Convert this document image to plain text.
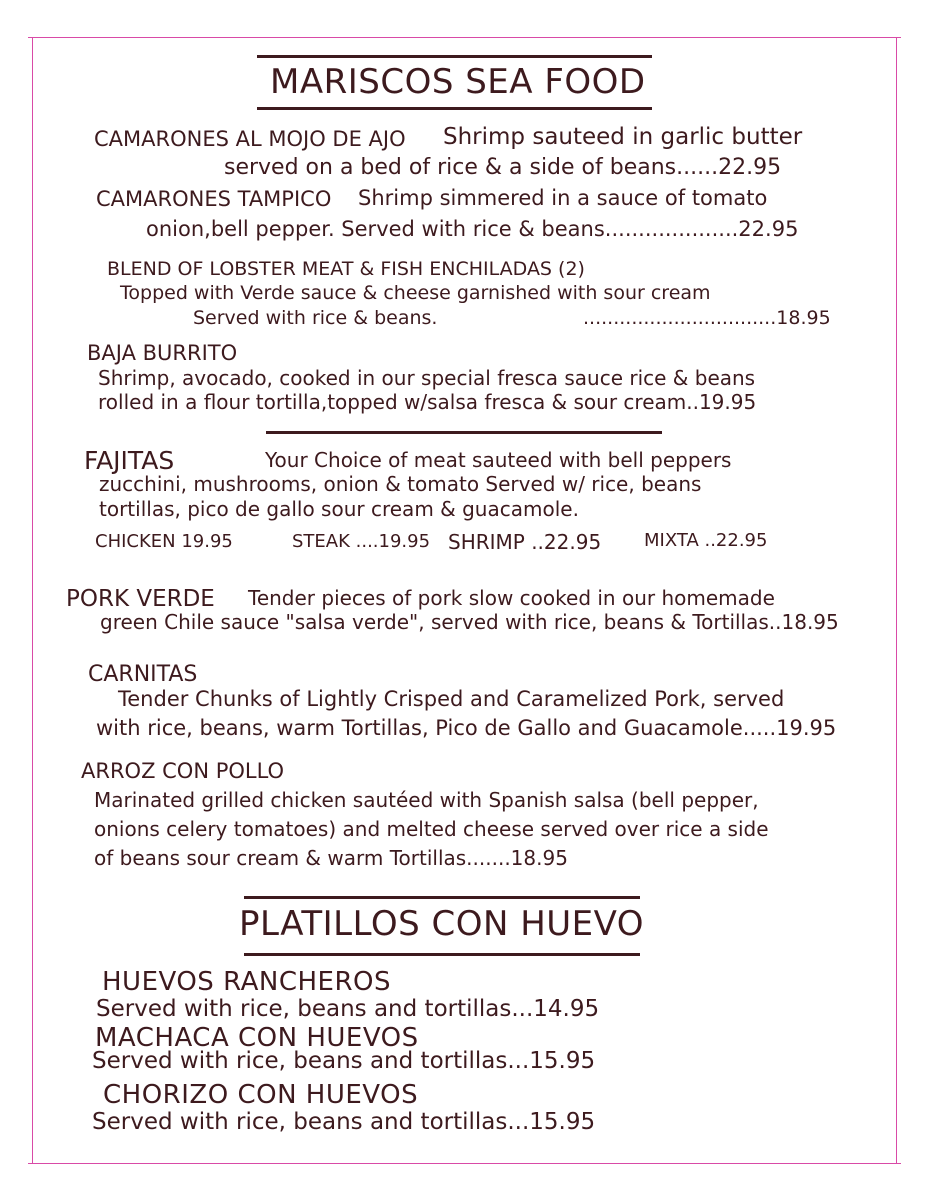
MARISCOS SEA FOOD
CAMARONES AL MOJO DE AJO Shrimp sauteed in garlic butter
served on a bed of rice & a side of beans......22.95
CAMARONES TAMPICO Shrimp simmered in a sauce of tomato
onion,bell pepper. Served with rice & beans....................22.95
BLEND OF LOBSTER MEAT & FISH ENCHILADAS (2)
Topped with Verde sauce & cheese garnished with sour cream
Served with rice & beans.	................................18.95
BAJA BURRITO
Shrimp, avocado, cooked in our special fresca sauce rice & beans
rolled in a flour tortilla,topped w/salsa fresca & sour cream..19.95
FAJITAS	Your Choice of meat sauteed with bell peppers
zucchini, mushrooms, onion & tomato Served w/ rice, beans
tortillas, pico de gallo sour cream & guacamole.
CHICKEN 19.95	STEAK ....19.95 SHRIMP ..22.95 MIXTA ..22.95
PORK VERDE Tender pieces of pork slow cooked in our homemade
green Chile sauce "salsa verde", served with rice, beans & Tortillas..18.95
CARNITAS
Tender Chunks of Lightly Crisped and Caramelized Pork, served
with rice, beans, warm Tortillas, Pico de Gallo and Guacamole.....19.95
ARROZ CON POLLO
Marinated grilled chicken sautéed with Spanish salsa (bell pepper,
onions celery tomatoes) and melted cheese served over rice a side
of beans sour cream & warm Tortillas.......18.95
PLATILLOS CON HUEVO
HUEVOS RANCHEROS
Served with rice, beans and tortillas...14.95
MACHACA CON HUEVOS
Served with rice, beans and tortillas...15.95
CHORIZO CON HUEVOS
Served with rice, beans and tortillas...15.95
